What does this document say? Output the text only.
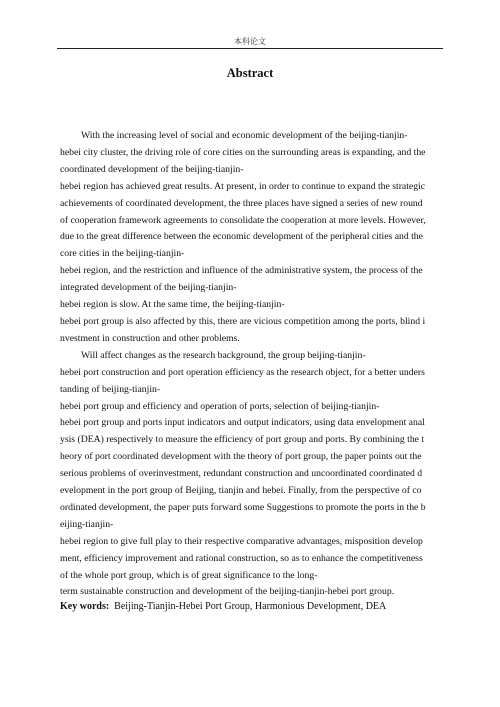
本科论文
Abstract
With the increasing level of social and economic development of the beijing-tianjin-
hebei city cluster, the driving role of core cities on the surrounding areas is expanding, and the
coordinated development of the beijing-tianjin-
hebei region has achieved great results. At present, in order to continue to expand the strategic
achievements of coordinated development, the three places have signed a series of new round
of cooperation framework agreements to consolidate the cooperation at more levels. However,
due to the great difference between the economic development of the peripheral cities and the
core cities in the beijing-tianjin-
hebei region, and the restriction and influence of the administrative system, the process of the
integrated development of the beijing-tianjin-
hebei region is slow. At the same time, the beijing-tianjin-
hebei port group is also affected by this, there are vicious competition among the ports, blind i
nvestment in construction and other problems.
Will affect changes as the research background, the group beijing-tianjin-
hebei port construction and port operation efficiency as the research object, for a better unders
tanding of beijing-tianjin-
hebei port group and efficiency and operation of ports, selection of beijing-tianjin-
hebei port group and ports input indicators and output indicators, using data envelopment anal
ysis (DEA) respectively to measure the efficiency of port group and ports. By combining the t
heory of port coordinated development with the theory of port group, the paper points out the
serious problems of overinvestment, redundant construction and uncoordinated coordinated d
evelopment in the port group of Beijing, tianjin and hebei. Finally, from the perspective of co
ordinated development, the paper puts forward some Suggestions to promote the ports in the b
eijing-tianjin-
hebei region to give full play to their respective comparative advantages, misposition develop
ment, efficiency improvement and rational construction, so as to enhance the competitiveness
of the whole port group, which is of great significance to the long-
term sustainable construction and development of the beijing-tianjin-hebei port group.
Key words: Beijing-Tianjin-Hebei Port Group, Harmonious Development, DEA
